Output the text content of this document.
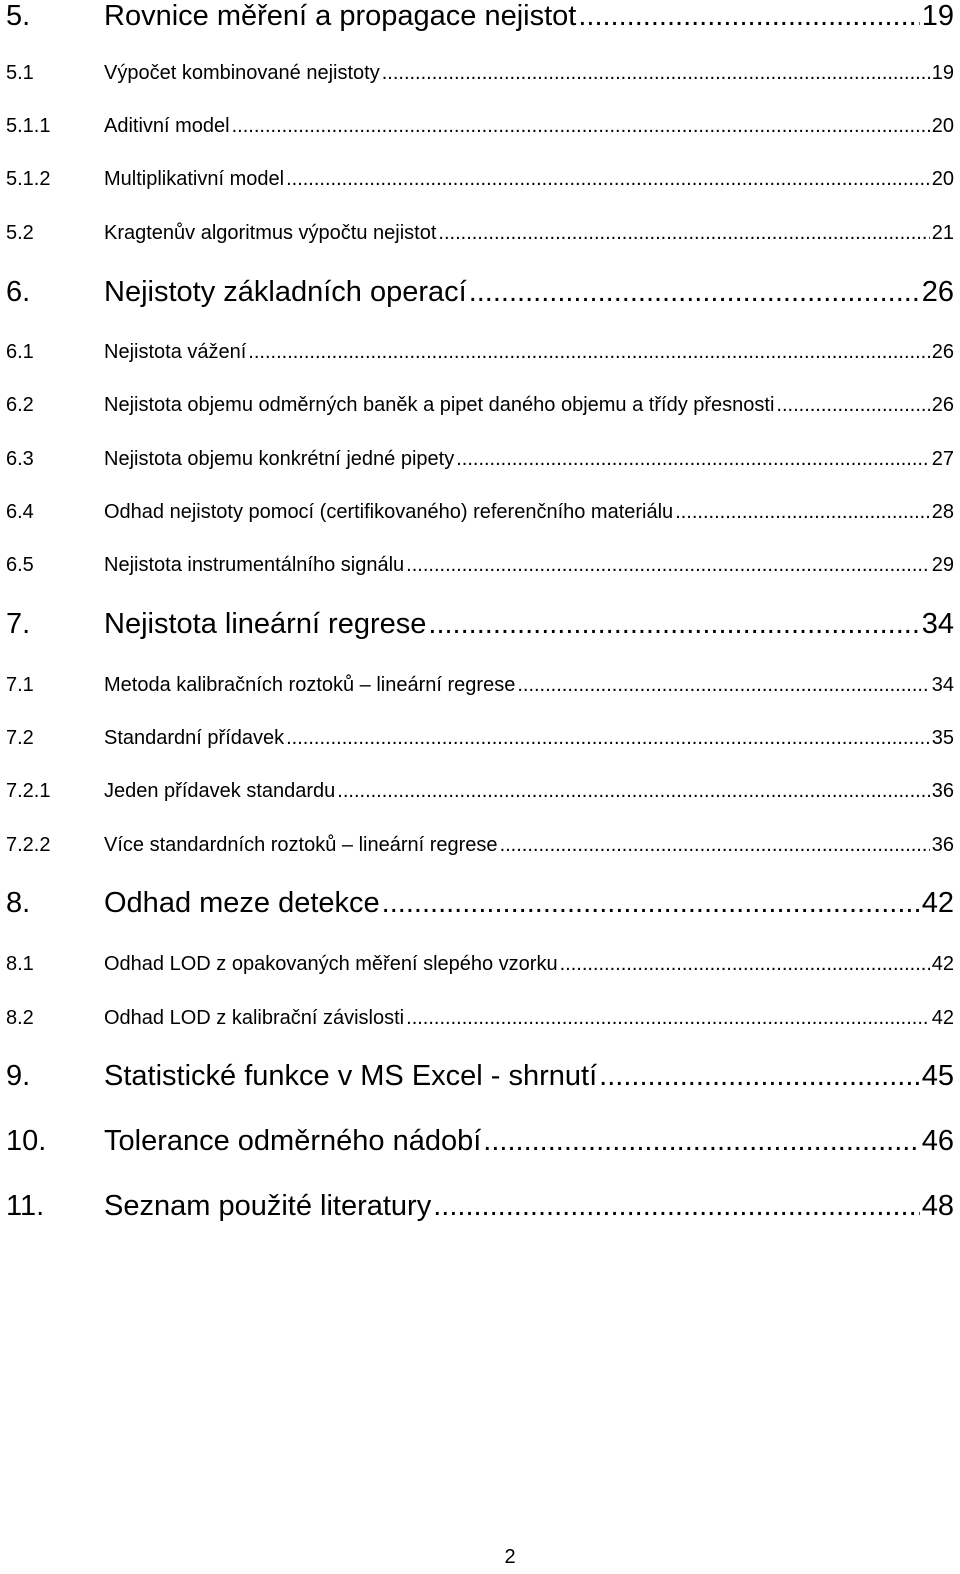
5.	Rovnice měření a propagace nejistot .....	19
5.1	Výpočet kombinované nejistoty .....	19
5.1.1	Aditivní model .....	20
5.1.2	Multiplikativní model .....	20
5.2	Kragtenův algoritmus výpočtu nejistot .....	21
6.	Nejistoty základních operací .....	26
6.1	Nejistota vážení .....	26
6.2	Nejistota objemu odměrných baněk a pipet daného objemu a třídy přesnosti .....	26
6.3	Nejistota objemu konkrétní jedné pipety .....	27
6.4	Odhad nejistoty pomocí (certifikovaného) referenčního materiálu .....	28
6.5	Nejistota instrumentálního signálu .....	29
7.	Nejistota lineární regrese .....	34
7.1	Metoda kalibračních roztoků – lineární regrese .....	34
7.2	Standardní přídavek .....	35
7.2.1	Jeden přídavek standardu .....	36
7.2.2	Více standardních roztoků – lineární regrese .....	36
8.	Odhad meze detekce .....	42
8.1	Odhad LOD z opakovaných měření slepého vzorku .....	42
8.2	Odhad LOD z kalibrační závislosti .....	42
9.	Statistické funkce v MS Excel - shrnutí .....	45
10.	Tolerance odměrného nádobí .....	46
11.	Seznam použité literatury .....	48
2
